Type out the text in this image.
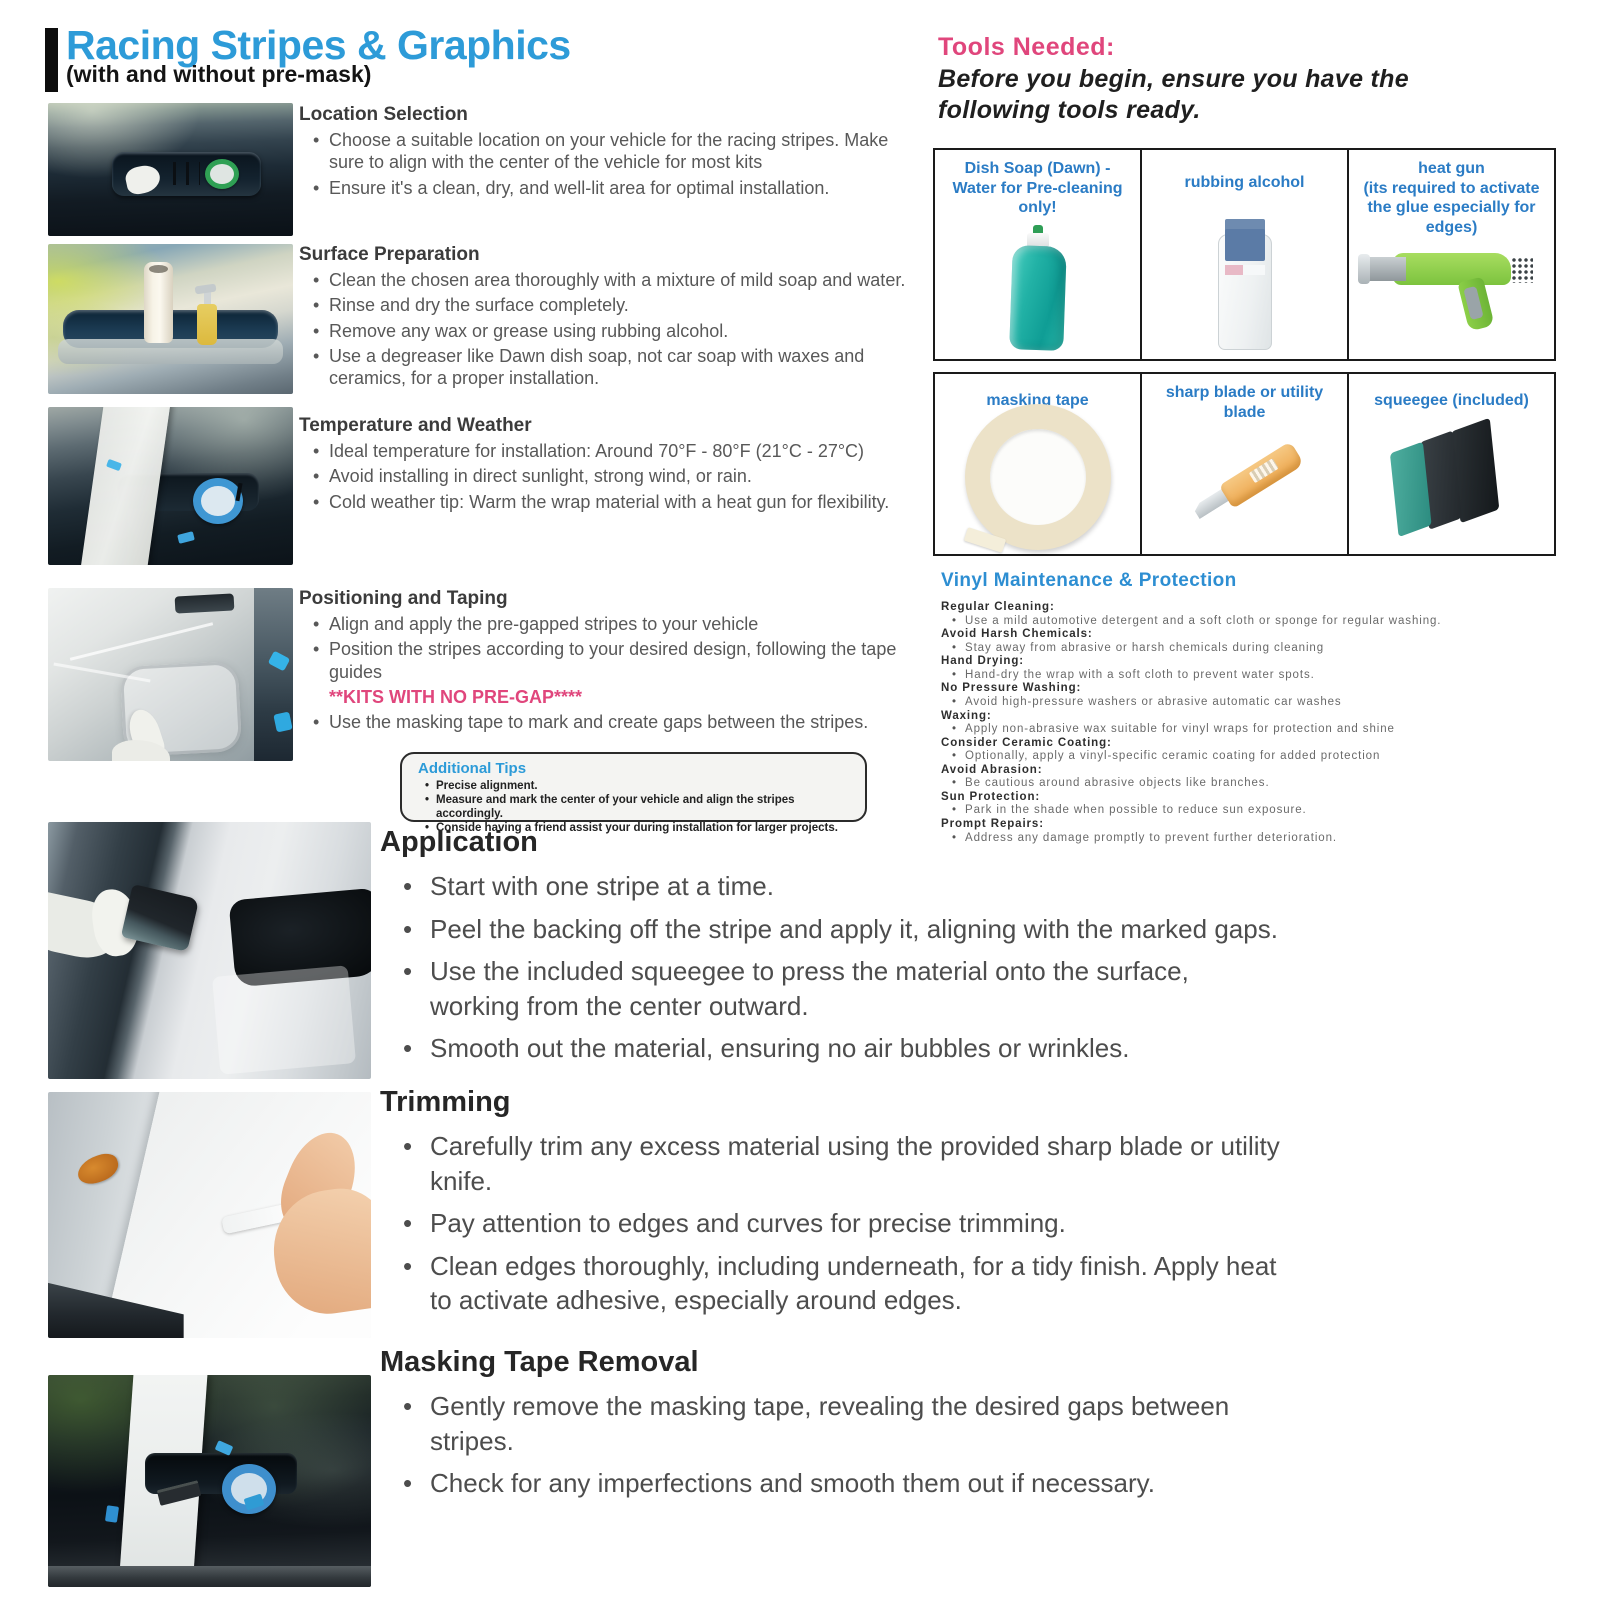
Racing Stripes & Graphics
(with and without pre-mask)
Location Selection
• Choose a suitable location on your vehicle for the racing stripes. Make sure to align with the center of the vehicle for most kits
• Ensure it's a clean, dry, and well-lit area for optimal installation.
Surface Preparation
• Clean the chosen area thoroughly with a mixture of mild soap and water.
• Rinse and dry the surface completely.
• Remove any wax or grease using rubbing alcohol.
• Use a degreaser like Dawn dish soap, not car soap with waxes and ceramics, for a proper installation.
Temperature and Weather
• Ideal temperature for installation: Around 70°F - 80°F (21°C - 27°C)
• Avoid installing in direct sunlight, strong wind, or rain.
• Cold weather tip: Warm the wrap material with a heat gun for flexibility.
Positioning and Taping
• Align and apply the pre-gapped stripes to your vehicle
• Position the stripes according to your desired design, following the tape guides
**KITS WITH NO PRE-GAP****
• Use the masking tape to mark and create gaps between the stripes.
Additional Tips
• Precise alignment.
• Measure and mark the center of your vehicle and align the stripes accordingly.
• Conside having a friend assist your during installation for larger projects.
Tools Needed:
Before you begin, ensure you have the following tools ready.
Dish Soap (Dawn) - Water for Pre-cleaning only!
rubbing alcohol
heat gun
(its required to activate the glue especially for edges)
masking tape	sharp blade or utility blade
squeegee (included)
Vinyl Maintenance & Protection
Regular Cleaning:
• Use a mild automotive detergent and a soft cloth or sponge for regular washing.
Avoid Harsh Chemicals:
• Stay away from abrasive or harsh chemicals during cleaning
Hand Drying:
• Hand-dry the wrap with a soft cloth to prevent water spots.
No Pressure Washing:
• Avoid high-pressure washers or abrasive automatic car washes
Waxing:
• Apply non-abrasive wax suitable for vinyl wraps for protection and shine
Consider Ceramic Coating:
• Optionally, apply a vinyl-specific ceramic coating for added protection
Avoid Abrasion:
• Be cautious around abrasive objects like branches.
Sun Protection:
• Park in the shade when possible to reduce sun exposure.
Prompt Repairs:
• Address any damage promptly to prevent further deterioration.
Application
• Start with one stripe at a time.
• Peel the backing off the stripe and apply it, aligning with the marked gaps.
• Use the included squeegee to press the material onto the surface, working from the center outward.
• Smooth out the material, ensuring no air bubbles or wrinkles.
Trimming
• Carefully trim any excess material using the provided sharp blade or utility knife.
• Pay attention to edges and curves for precise trimming.
• Clean edges thoroughly, including underneath, for a tidy finish. Apply heat to activate adhesive, especially around edges.
Masking Tape Removal
• Gently remove the masking tape, revealing the desired gaps between stripes.
• Check for any imperfections and smooth them out if necessary.
